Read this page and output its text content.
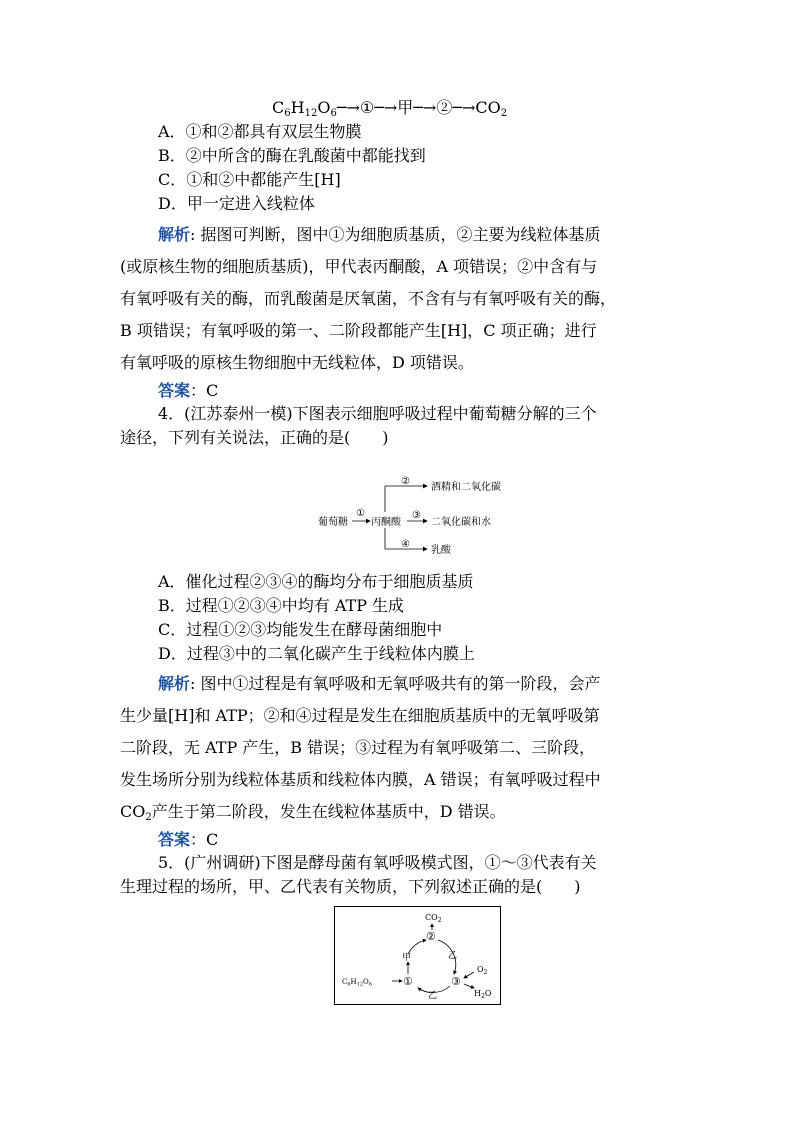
$C_6H_{12}O_6─\to ①─\to$甲$─\to ②─\to CO_2$
A．①和②都具有双层生物膜
B．②中所含的酶在乳酸菌中都能找到
C．①和②中都能产生[H]
D．甲一定进入线粒体
解析: 据图可判断，图中①为细胞质基质，②主要为线粒体基质
(或原核生物的细胞质基质)，甲代表丙酮酸，A 项错误；②中含有与
有氧呼吸有关的酶，而乳酸菌是厌氧菌，不含有与有氧呼吸有关的酶，
B 项错误；有氧呼吸的第一、二阶段都能产生[H]，C 项正确；进行
有氧呼吸的原核生物细胞中无线粒体，D 项错误。
答案：C
4．(江苏泰州一模)下图表示细胞呼吸过程中葡萄糖分解的三个
途径，下列有关说法，正确的是(　　)
葡萄糖
①
丙酮酸
②
③
④
酒精和二氧化碳
二氧化碳和水
乳酸
A．催化过程②③④的酶均分布于细胞质基质
B．过程①②③④中均有 ATP 生成
C．过程①②③均能发生在酵母菌细胞中
D．过程③中的二氧化碳产生于线粒体内膜上
解析: 图中①过程是有氧呼吸和无氧呼吸共有的第一阶段，会产
生少量[H]和 ATP；②和④过程是发生在细胞质基质中的无氧呼吸第
二阶段，无 ATP 产生，B 错误；③过程为有氧呼吸第二、三阶段，
发生场所分别为线粒体基质和线粒体内膜，A 错误；有氧呼吸过程中
$CO_2$产生于第二阶段，发生在线粒体基质中，D 错误。
答案：C
5．(广州调研)下图是酵母菌有氧呼吸模式图，①～③代表有关
生理过程的场所，甲、乙代表有关物质，下列叙述正确的是(　　)
$CO_2$
②
甲	乙
$C_6H_{12}O_6$	①	③
乙
$O_2$
$H_2O$
